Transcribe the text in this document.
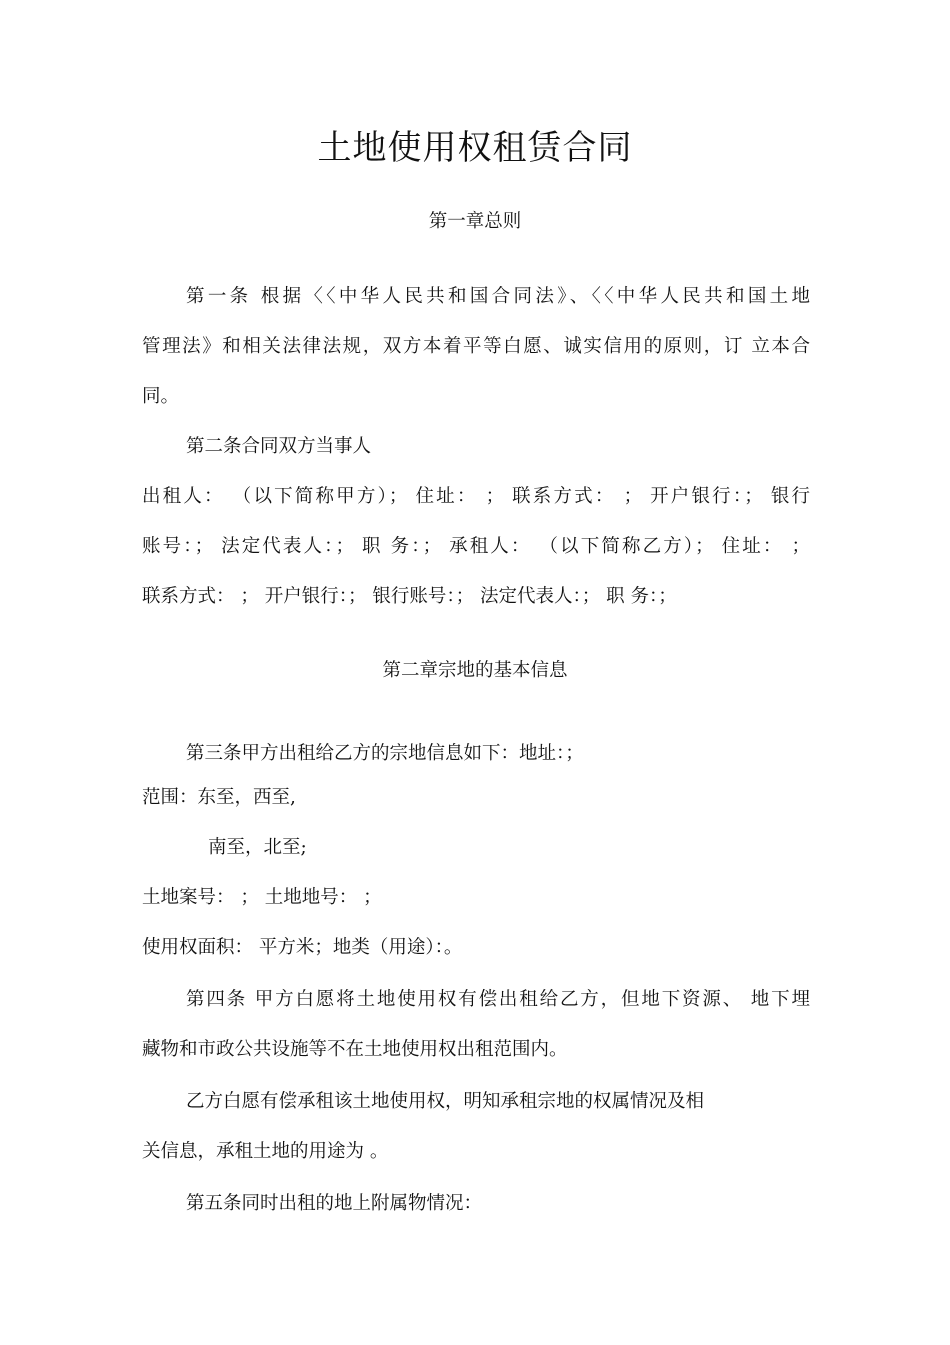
土地使用权租赁合同
第一章总则
第一条 根据〈〈中华人民共和国合同法》、〈〈中华人民共和国土地
管理法》和相关法律法规，双方本着平等白愿、诚实信用的原则，订 立本合
同。
第二条合同双方当事人
出租人： （以下简称甲方）； 住址： ； 联系方式： ； 开户银行：； 银行
账号：； 法定代表人：； 职 务：； 承租人： （以下简称乙方）； 住址： ；
联系方式： ； 开户银行：； 银行账号：； 法定代表人：； 职 务：；
第二章宗地的基本信息
第三条甲方出租给乙方的宗地信息如下：地址：；
范围：东至，西至,
南至，北至;
土地案号： ； 土地地号： ；
使用权面积： 平方米；地类（用途）：。
第四条 甲方白愿将土地使用权有偿出租给乙方，但地下资源、 地下埋
藏物和市政公共设施等不在土地使用权出租范围内。
乙方白愿有偿承租该土地使用权，明知承租宗地的权属情况及相
关信息，承租土地的用途为 。
第五条同时出租的地上附属物情况：
